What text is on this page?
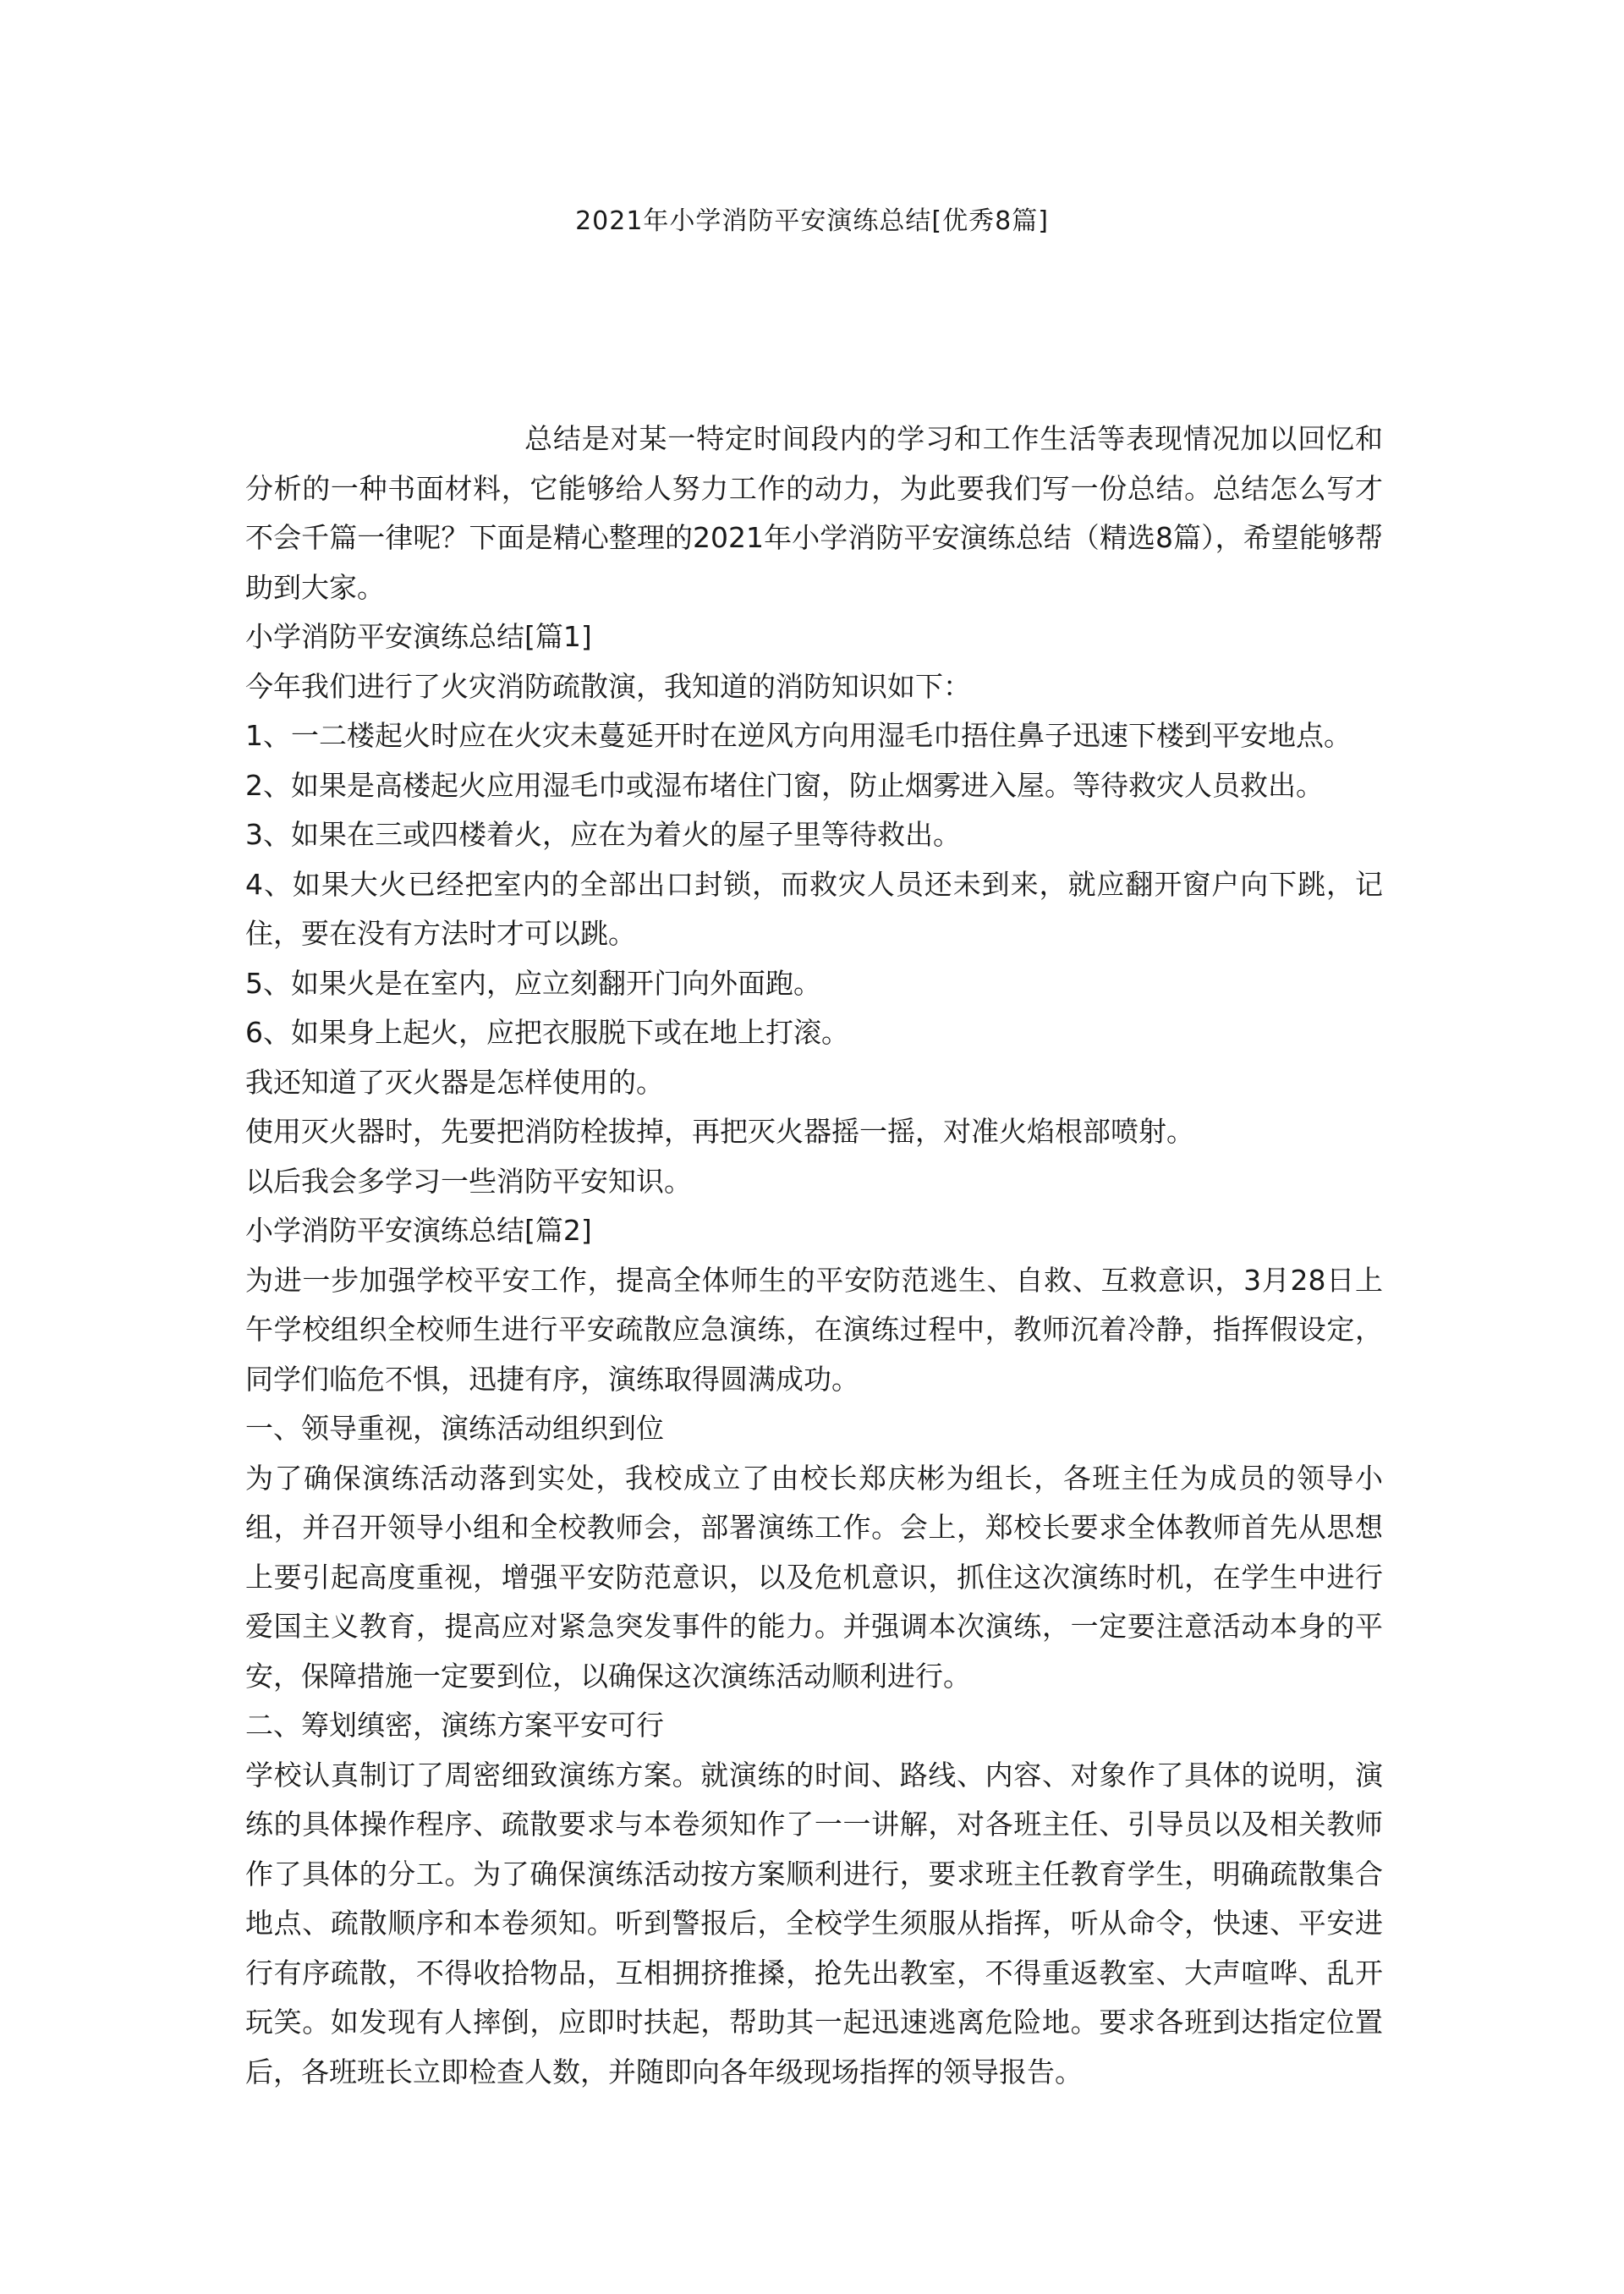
2021年小学消防平安演练总结[优秀8篇]

总结是对某一特定时间段内的学习和工作生活等表现情况加以回忆和分析的一种书面材料，它能够给人努力工作的动力，为此要我们写一份总结。总结怎么写才不会千篇一律呢？下面是精心整理的2021年小学消防平安演练总结（精选8篇），希望能够帮助到大家。

小学消防平安演练总结[篇1]

今年我们进行了火灾消防疏散演，我知道的消防知识如下：

1、一二楼起火时应在火灾未蔓延开时在逆风方向用湿毛巾捂住鼻子迅速下楼到平安地点。

2、如果是高楼起火应用湿毛巾或湿布堵住门窗，防止烟雾进入屋。等待救灾人员救出。

3、如果在三或四楼着火，应在为着火的屋子里等待救出。

4、如果大火已经把室内的全部出口封锁，而救灾人员还未到来，就应翻开窗户向下跳，记住，要在没有方法时才可以跳。

5、如果火是在室内，应立刻翻开门向外面跑。

6、如果身上起火，应把衣服脱下或在地上打滚。

我还知道了灭火器是怎样使用的。

使用灭火器时，先要把消防栓拔掉，再把灭火器摇一摇，对准火焰根部喷射。

以后我会多学习一些消防平安知识。

小学消防平安演练总结[篇2]

为进一步加强学校平安工作，提高全体师生的平安防范逃生、自救、互救意识，3月28日上午学校组织全校师生进行平安疏散应急演练，在演练过程中，教师沉着冷静，指挥假设定，同学们临危不惧，迅捷有序，演练取得圆满成功。

一、领导重视，演练活动组织到位

为了确保演练活动落到实处，我校成立了由校长郑庆彬为组长，各班主任为成员的领导小组，并召开领导小组和全校教师会，部署演练工作。会上，郑校长要求全体教师首先从思想上要引起高度重视，增强平安防范意识，以及危机意识，抓住这次演练时机，在学生中进行爱国主义教育，提高应对紧急突发事件的能力。并强调本次演练，一定要注意活动本身的平安，保障措施一定要到位，以确保这次演练活动顺利进行。

二、筹划缜密，演练方案平安可行

学校认真制订了周密细致演练方案。就演练的时间、路线、内容、对象作了具体的说明，演练的具体操作程序、疏散要求与本卷须知作了一一讲解，对各班主任、引导员以及相关教师作了具体的分工。为了确保演练活动按方案顺利进行，要求班主任教育学生，明确疏散集合地点、疏散顺序和本卷须知。听到警报后，全校学生须服从指挥，听从命令，快速、平安进行有序疏散，不得收拾物品，互相拥挤推搡，抢先出教室，不得重返教室、大声喧哗、乱开玩笑。如发现有人摔倒，应即时扶起，帮助其一起迅速逃离危险地。要求各班到达指定位置后，各班班长立即检查人数，并随即向各年级现场指挥的领导报告。
